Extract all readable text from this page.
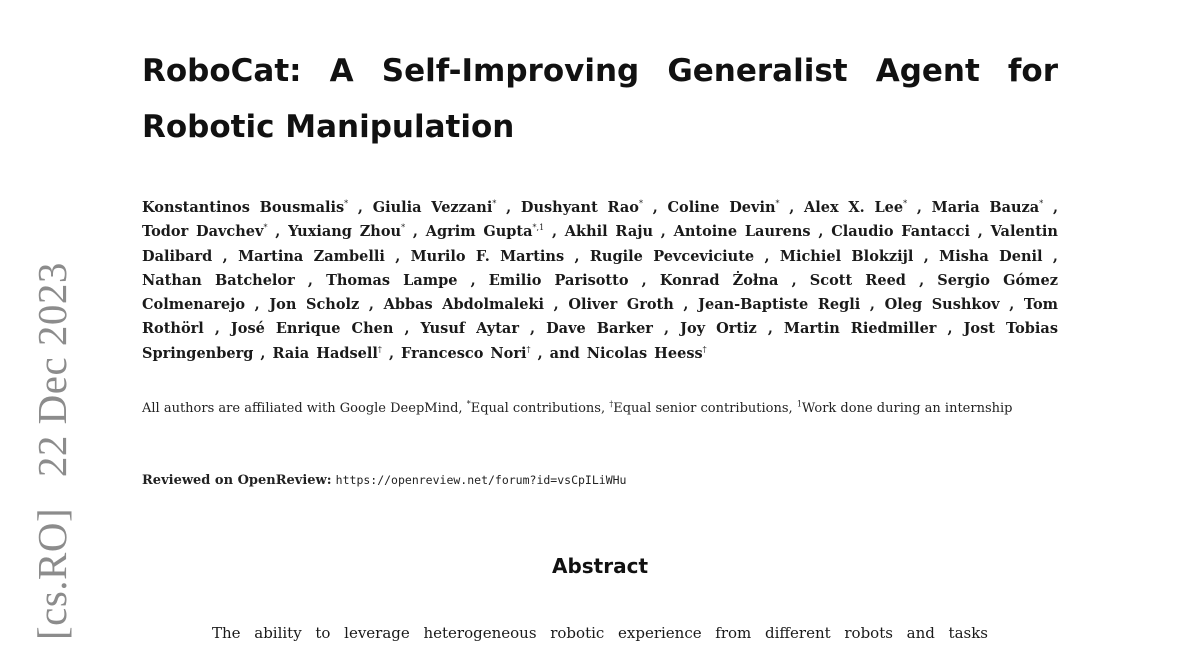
[cs.RO] 22 Dec 2023
RoboCat: A Self-Improving Generalist Agent for Robotic Manipulation

Konstantinos Bousmalis* , Giulia Vezzani* , Dushyant Rao* , Coline Devin* , Alex X. Lee* , Maria Bauza* , Todor Davchev* , Yuxiang Zhou* , Agrim Gupta$^{*,1}$ , Akhil Raju , Antoine Laurens , Claudio Fantacci , Valentin Dalibard , Martina Zambelli , Murilo F. Martins , Rugile Pevceviciute , Michiel Blokzijl , Misha Denil , Nathan Batchelor , Thomas Lampe , Emilio Parisotto , Konrad Żołna , Scott Reed , Sergio Gómez Colmenarejo , Jon Scholz , Abbas Abdolmaleki , Oliver Groth , Jean-Baptiste Regli , Oleg Sushkov , Tom Rothörl , José Enrique Chen , Yusuf Aytar , Dave Barker , Joy Ortiz , Martin Riedmiller , Jost Tobias Springenberg , Raia Hadsell† , Francesco Nori† , and Nicolas Heess†

All authors are affiliated with Google DeepMind, *Equal contributions, †Equal senior contributions, $^1$Work done during an internship

Reviewed on OpenReview: https://openreview.net/forum?id=vsCpILiWHu
Abstract

The ability to leverage heterogeneous robotic experience from different robots and tasks
